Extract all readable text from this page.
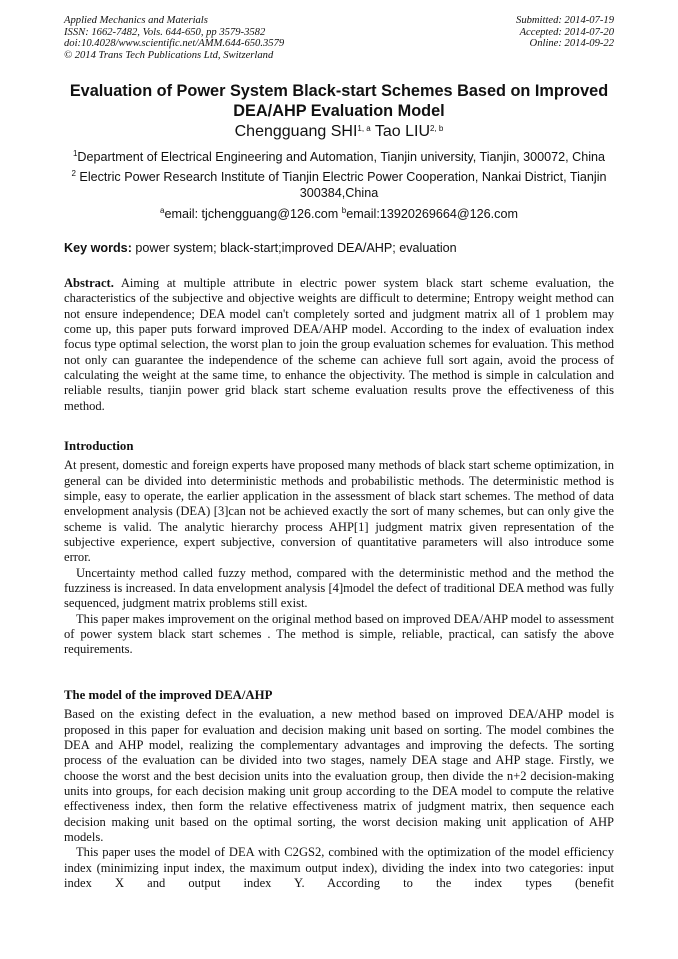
Applied Mechanics and Materials
ISSN: 1662-7482, Vols. 644-650, pp 3579-3582
doi:10.4028/www.scientific.net/AMM.644-650.3579
© 2014 Trans Tech Publications Ltd, Switzerland
Submitted: 2014-07-19
Accepted: 2014-07-20
Online: 2014-09-22
Evaluation of Power System Black-start Schemes Based on Improved
DEA/AHP Evaluation Model
Chengguang SHI$^{1, a}$ Tao LIU$^{2, b}$
$^1$Department of Electrical Engineering and Automation, Tianjin university, Tianjin, 300072, China
$^2$ Electric Power Research Institute of Tianjin Electric Power Cooperation, Nankai District, Tianjin 300384,China
$^a$email: tjchengguang@126.com $^b$email:13920269664@126.com
Key words: power system; black-start;improved DEA/AHP; evaluation

Abstract. Aiming at multiple attribute in electric power system black start scheme evaluation, the characteristics of the subjective and objective weights are difficult to determine; Entropy weight method can not ensure independence; DEA model can't completely sorted and judgment matrix all of 1 problem may come up, this paper puts forward improved DEA/AHP model. According to the index of evaluation index focus type optimal selection, the worst plan to join the group evaluation schemes for evaluation. This method not only can guarantee the independence of the scheme can achieve full sort again, avoid the process of calculating the weight at the same time, to enhance the objectivity. The method is simple in calculation and reliable results, tianjin power grid black start scheme evaluation results prove the effectiveness of this method.

Introduction

At present, domestic and foreign experts have proposed many methods of black start scheme optimization, in general can be divided into deterministic methods and probabilistic methods. The deterministic method is simple, easy to operate, the earlier application in the assessment of black start schemes. The method of data envelopment analysis (DEA) [3]can not be achieved exactly the sort of many schemes, but can only give the scheme is valid. The analytic hierarchy process AHP[1] judgment matrix given representation of the subjective experience, expert subjective, conversion of quantitative parameters will also introduce some error.

Uncertainty method called fuzzy method, compared with the deterministic method and the method the fuzziness is increased. In data envelopment analysis [4]model the defect of traditional DEA method was fully sequenced, judgment matrix problems still exist.

This paper makes improvement on the original method based on improved DEA/AHP model to assessment of power system black start schemes . The method is simple, reliable, practical, can satisfy the above requirements.

The model of the improved DEA/AHP

Based on the existing defect in the evaluation, a new method based on improved DEA/AHP model is proposed in this paper for evaluation and decision making unit based on sorting. The model combines the DEA and AHP model, realizing the complementary advantages and improving the defects. The sorting process of the evaluation can be divided into two stages, namely DEA stage and AHP stage. Firstly, we choose the worst and the best decision units into the evaluation group, then divide the n+2 decision-making units into groups, for each decision making unit group according to the DEA model to compute the relative effectiveness index, then form the relative effectiveness matrix of judgment matrix, then sequence each decision making unit based on the optimal sorting, the worst decision making unit application of AHP models.

This paper uses the model of DEA with C2GS2, combined with the optimization of the model efficiency index (minimizing input index, the maximum output index), dividing the index into two categories: input index X and output index Y. According to the index types (benefit
